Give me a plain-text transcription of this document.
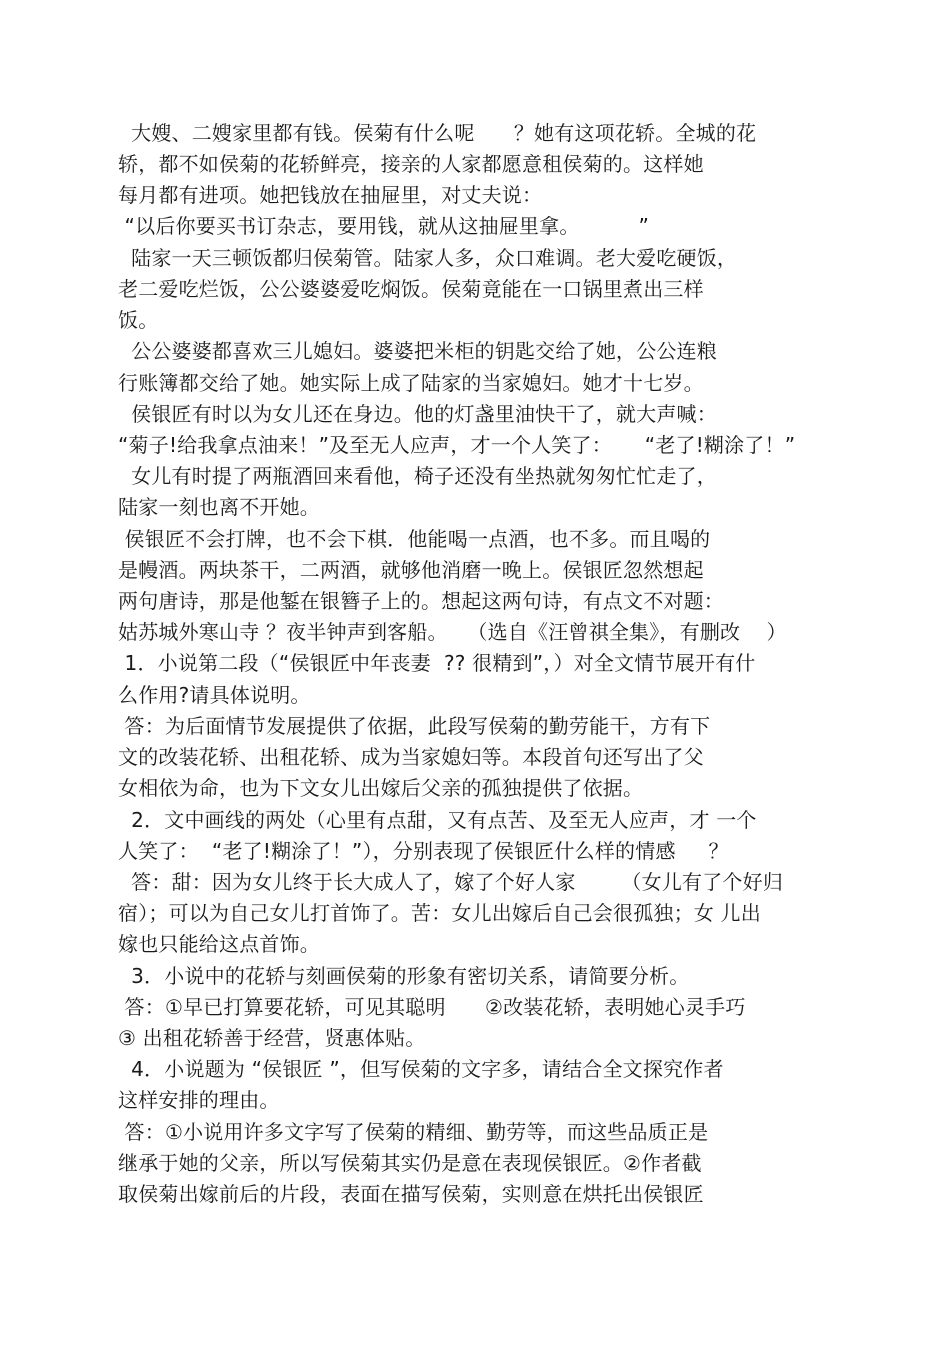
大嫂、二嫂家里都有钱。侯菊有什么呢      ？她有这项花轿。全城的花
轿，都不如侯菊的花轿鲜亮，接亲的人家都愿意租侯菊的。这样她
每月都有进项。她把钱放在抽屉里，对丈夫说：
“以后你要买书订杂志，要用钱，就从这抽屉里拿。         ”
陆家一天三顿饭都归侯菊管。陆家人多，众口难调。老大爱吃硬饭，
老二爱吃烂饭，公公婆婆爱吃焖饭。侯菊竟能在一口锅里煮出三样
饭。
公公婆婆都喜欢三儿媳妇。婆婆把米柜的钥匙交给了她，公公连粮
行账簿都交给了她。她实际上成了陆家的当家媳妇。她才十七岁。
侯银匠有时以为女儿还在身边。他的灯盏里油快干了，就大声喊：
“菊子!给我拿点油来！”及至无人应声，才一个人笑了：     “老了!糊涂了！”
女儿有时提了两瓶酒回来看他，椅子还没有坐热就匆匆忙忙走了，
陆家一刻也离不开她。
侯银匠不会打牌，也不会下棋．他能喝一点酒，也不多。而且喝的
是幔酒。两块茶干，二两酒，就够他消磨一晚上。侯银匠忽然想起
两句唐诗，那是他錾在银簪子上的。想起这两句诗，有点文不对题：
姑苏城外寒山寺 ？夜半钟声到客船。   （选自《汪曾祺全集》，有删改    ）
1．小说第二段（“侯银匠中年丧妻  ?? 很精到”，）对全文情节展开有什
么作用?请具体说明。
答：为后面情节发展提供了依据，此段写侯菊的勤劳能干，方有下
文的改装花轿、出租花轿、成为当家媳妇等。本段首句还写出了父
女相依为命，也为下文女儿出嫁后父亲的孤独提供了依据。
2．文中画线的两处（心里有点甜，又有点苦、及至无人应声，才 一个
人笑了：  “老了!糊涂了！”），分别表现了侯银匠什么样的情感     ？
答：甜：因为女儿终于长大成人了，嫁了个好人家       （女儿有了个好归
宿）；可以为自己女儿打首饰了。苦：女儿出嫁后自己会很孤独；女 儿出
嫁也只能给这点首饰。
3．小说中的花轿与刻画侯菊的形象有密切关系，请简要分析。
答：①早已打算要花轿，可见其聪明      ②改装花轿，表明她心灵手巧
③ 出租花轿善于经营，贤惠体贴。
4．小说题为 “侯银匠 ”，但写侯菊的文字多，请结合全文探究作者
这样安排的理由。
答：①小说用许多文字写了侯菊的精细、勤劳等，而这些品质正是
继承于她的父亲，所以写侯菊其实仍是意在表现侯银匠。②作者截
取侯菊出嫁前后的片段，表面在描写侯菊，实则意在烘托出侯银匠
